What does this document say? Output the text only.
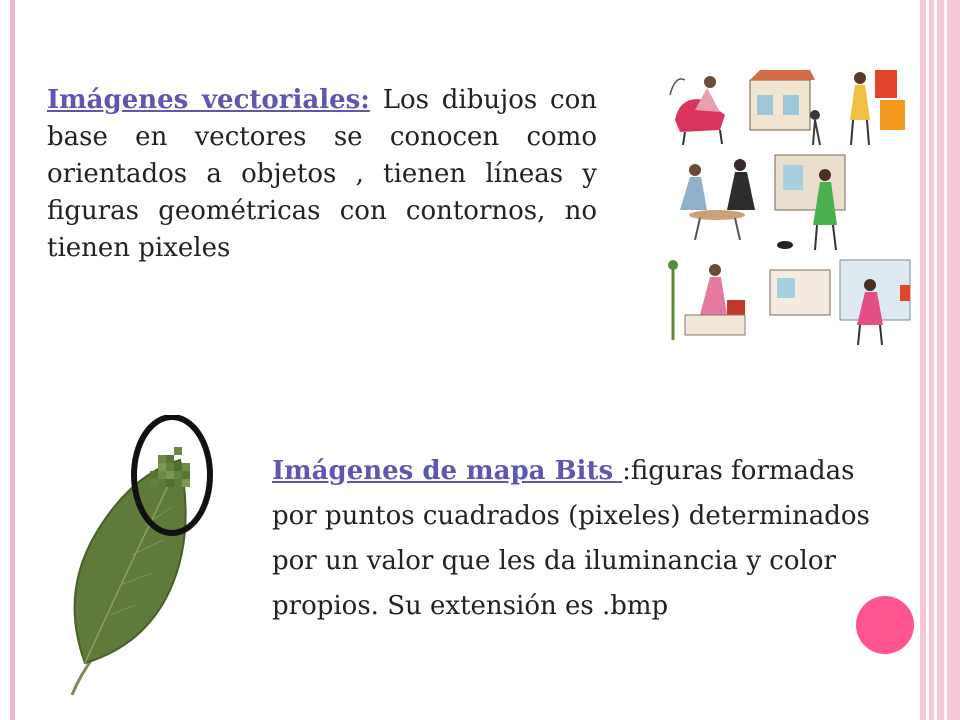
Imágenes vectoriales: Los dibujos con base en vectores se conocen como orientados a objetos , tienen líneas y figuras geométricas con contornos, no tienen pixeles

Imágenes de mapa Bits :figuras formadas por puntos cuadrados (pixeles) determinados por un valor que les da iluminancia y color propios. Su extensión es .bmp
